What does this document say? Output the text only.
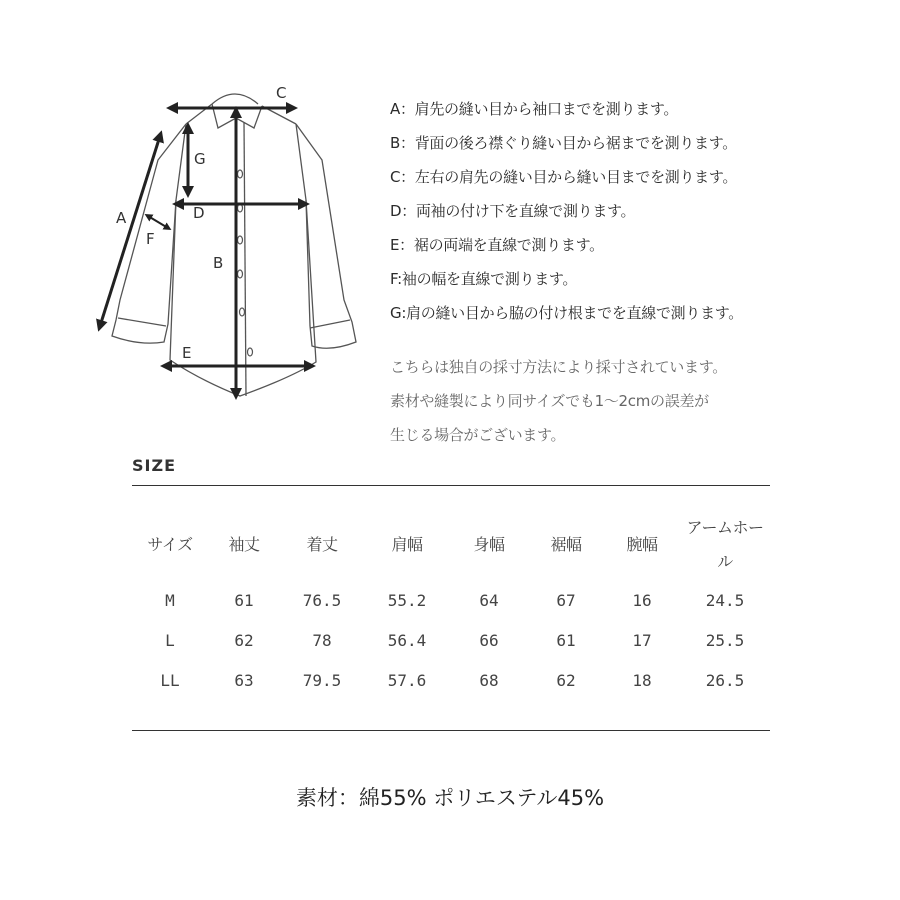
A
B
C
D
E
F
G
A：肩先の縫い目から袖口までを測ります。
B：背面の後ろ襟ぐり縫い目から裾までを測ります。
C：左右の肩先の縫い目から縫い目までを測ります。
D：両袖の付け下を直線で測ります。
E：裾の両端を直線で測ります。
F:袖の幅を直線で測ります。
G:肩の縫い目から脇の付け根までを直線で測ります。
こちらは独自の採寸方法により採寸されています。
素材や縫製により同サイズでも1～2cmの誤差が
生じる場合がございます。
SIZE
サイズ	袖丈	着丈	肩幅	身幅	裾幅	腕幅	アームホール
M	61	76.5	55.2	64	67	16	24.5
L	62	78	56.4	66	61	17	25.5
LL	63	79.5	57.6	68	62	18	26.5
素材：綿55% ポリエステル45%
